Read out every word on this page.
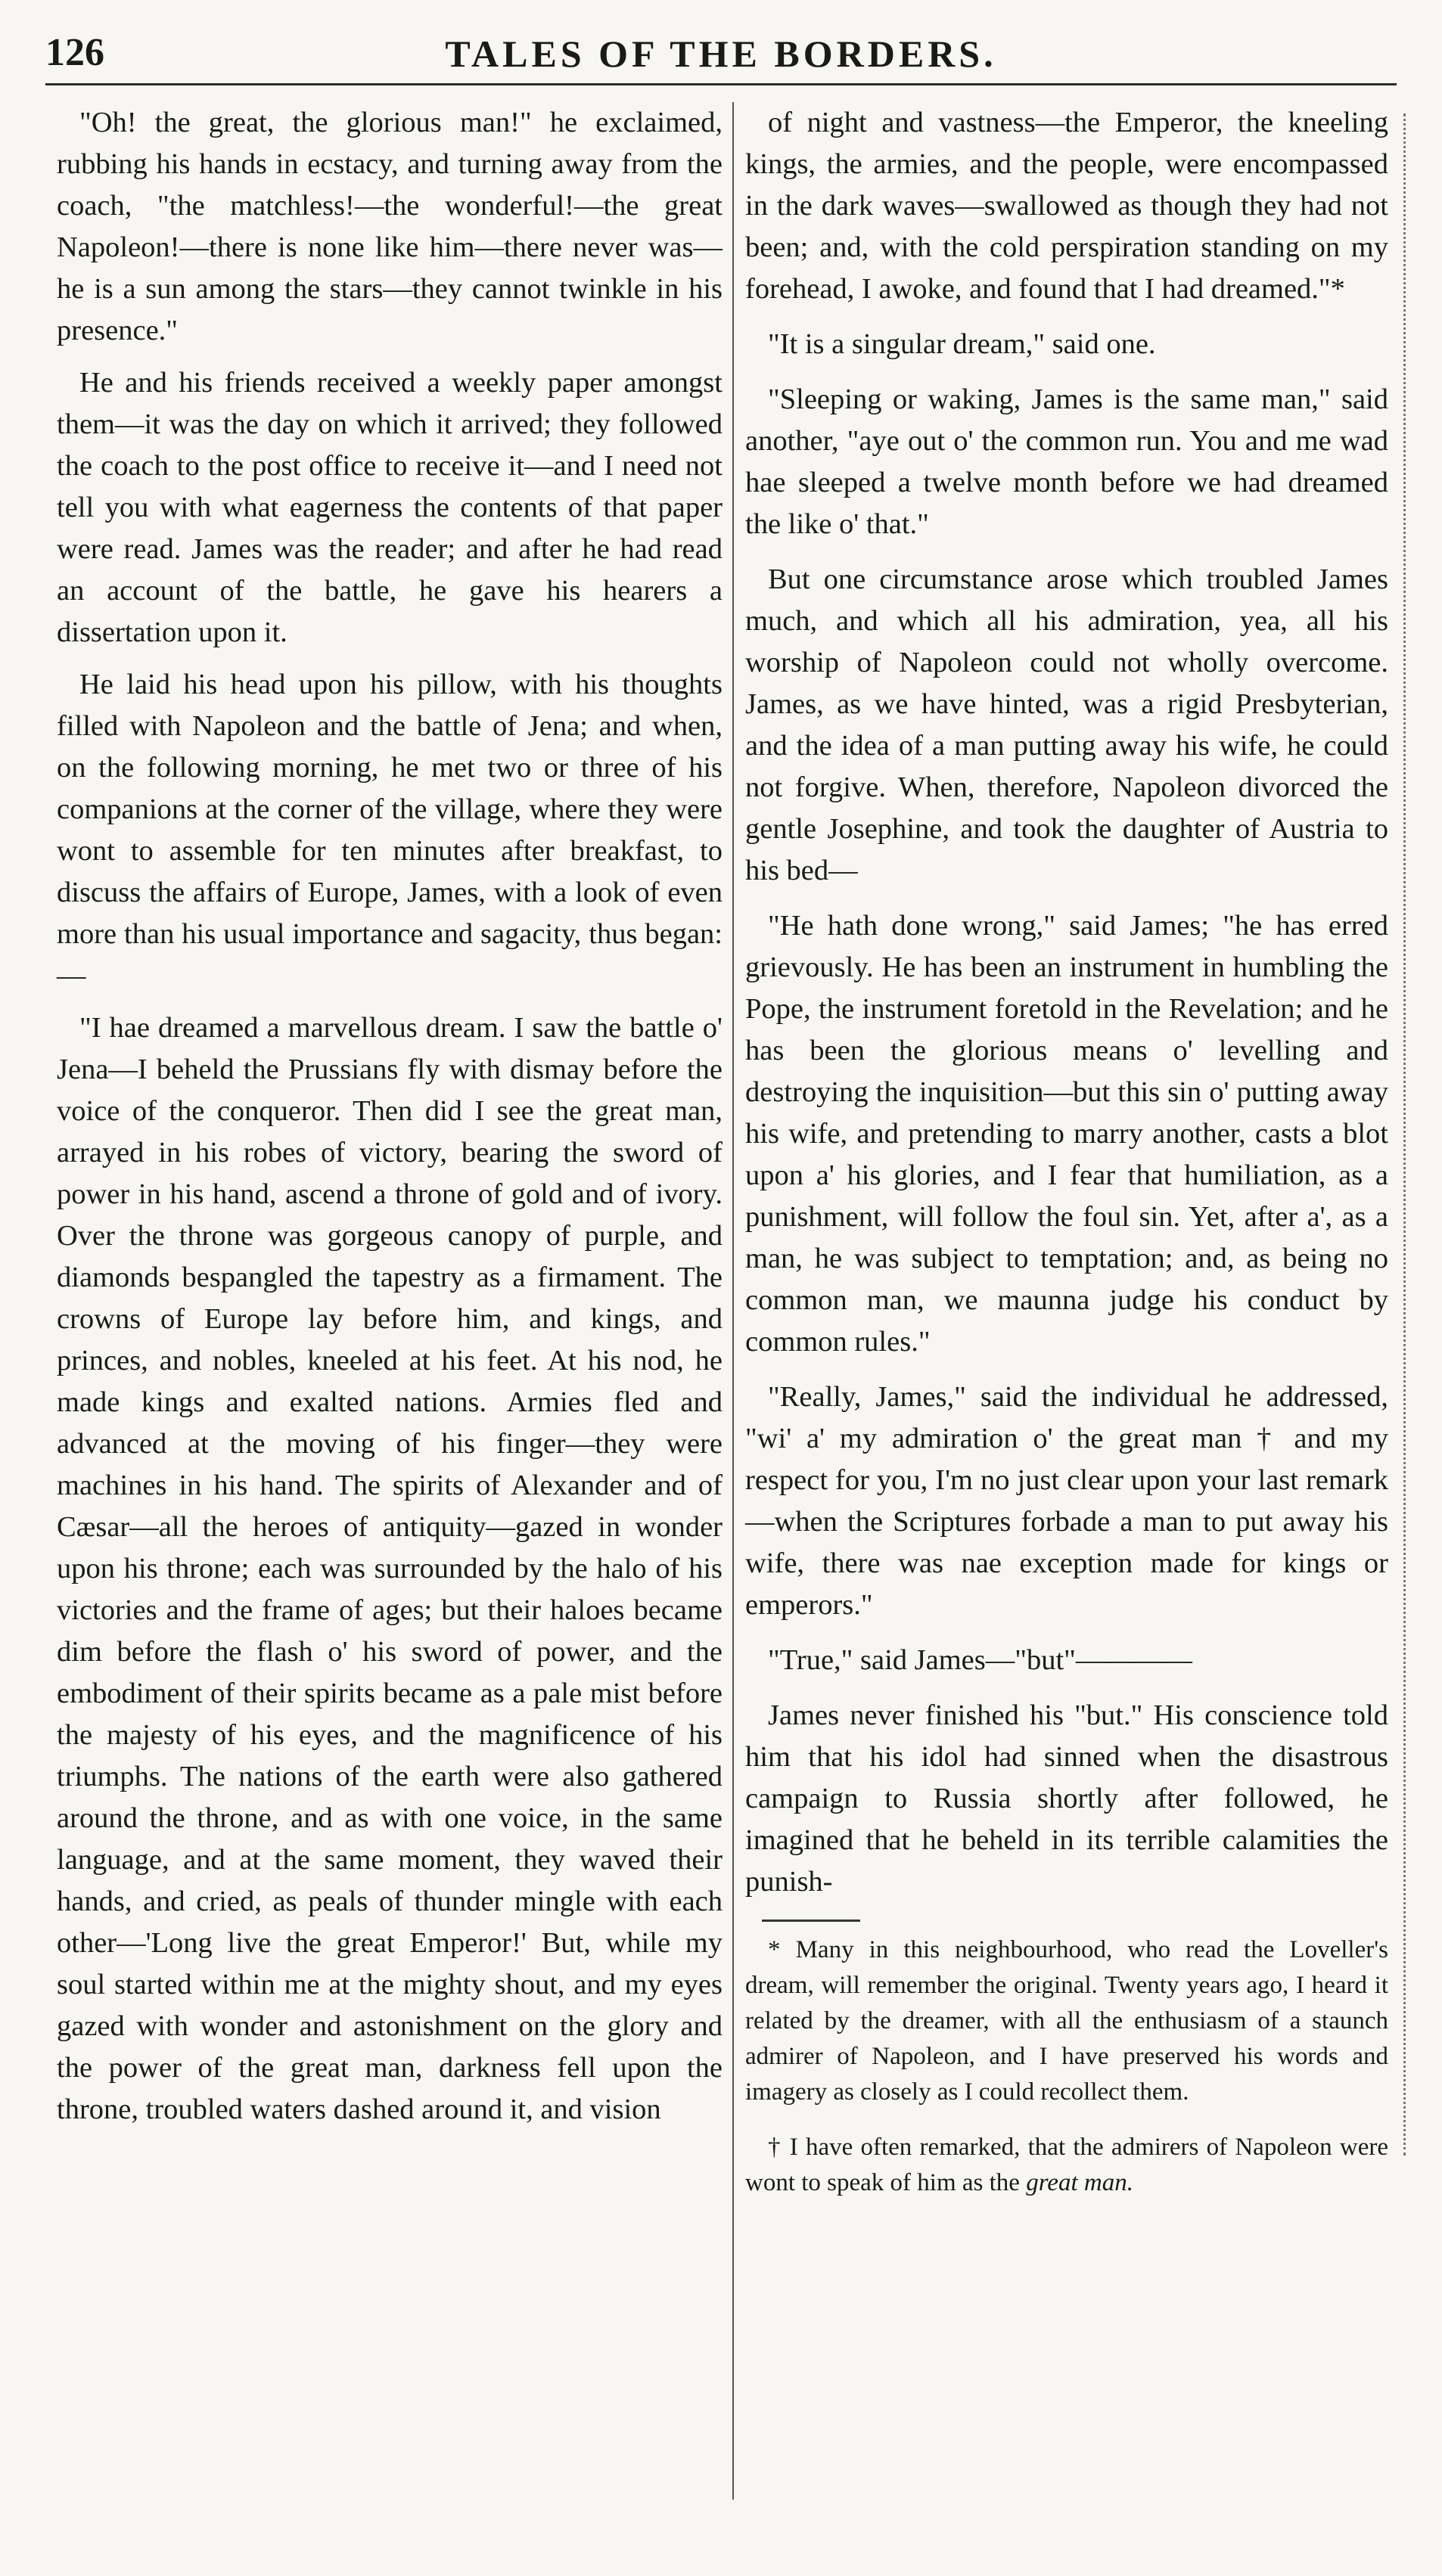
126	TALES OF THE BORDERS.

"Oh! the great, the glorious man!" he exclaimed, rubbing his hands in ecstacy, and turning away from the coach, "the matchless!—the wonderful!—the great Napoleon!—there is none like him—there never was—he is a sun among the stars—they cannot twinkle in his presence."

He and his friends received a weekly paper amongst them—it was the day on which it arrived; they followed the coach to the post office to receive it—and I need not tell you with what eagerness the contents of that paper were read. James was the reader; and after he had read an account of the battle, he gave his hearers a dissertation upon it.

He laid his head upon his pillow, with his thoughts filled with Napoleon and the battle of Jena; and when, on the following morning, he met two or three of his companions at the corner of the village, where they were wont to assemble for ten minutes after breakfast, to discuss the affairs of Europe, James, with a look of even more than his usual importance and sagacity, thus began:—

"I hae dreamed a marvellous dream. I saw the battle o' Jena—I beheld the Prussians fly with dismay before the voice of the conqueror. Then did I see the great man, arrayed in his robes of victory, bearing the sword of power in his hand, ascend a throne of gold and of ivory. Over the throne was gorgeous canopy of purple, and diamonds bespangled the tapestry as a firmament. The crowns of Europe lay before him, and kings, and princes, and nobles, kneeled at his feet. At his nod, he made kings and exalted nations. Armies fled and advanced at the moving of his finger—they were machines in his hand. The spirits of Alexander and of Cæsar—all the heroes of antiquity—gazed in wonder upon his throne; each was surrounded by the halo of his victories and the frame of ages; but their haloes became dim before the flash o' his sword of power, and the embodiment of their spirits became as a pale mist before the majesty of his eyes, and the magnificence of his triumphs. The nations of the earth were also gathered around the throne, and as with one voice, in the same language, and at the same moment, they waved their hands, and cried, as peals of thunder mingle with each other—'Long live the great Emperor!' But, while my soul started within me at the mighty shout, and my eyes gazed with wonder and astonishment on the glory and the power of the great man, darkness fell upon the throne, troubled waters dashed around it, and vision

of night and vastness—the Emperor, the kneeling kings, the armies, and the people, were encompassed in the dark waves—swallowed as though they had not been; and, with the cold perspiration standing on my forehead, I awoke, and found that I had dreamed."*

"It is a singular dream," said one.

"Sleeping or waking, James is the same man," said another, "aye out o' the common run. You and me wad hae sleeped a twelve month before we had dreamed the like o' that."

But one circumstance arose which troubled James much, and which all his admiration, yea, all his worship of Napoleon could not wholly overcome. James, as we have hinted, was a rigid Presbyterian, and the idea of a man putting away his wife, he could not forgive. When, therefore, Napoleon divorced the gentle Josephine, and took the daughter of Austria to his bed—

"He hath done wrong," said James; "he has erred grievously. He has been an instrument in humbling the Pope, the instrument foretold in the Revelation; and he has been the glorious means o' levelling and destroying the inquisition—but this sin o' putting away his wife, and pretending to marry another, casts a blot upon a' his glories, and I fear that humiliation, as a punishment, will follow the foul sin. Yet, after a', as a man, he was subject to temptation; and, as being no common man, we maunna judge his conduct by common rules."

"Really, James," said the individual he addressed, "wi' a' my admiration o' the great man † and my respect for you, I'm no just clear upon your last remark—when the Scriptures forbade a man to put away his wife, there was nae exception made for kings or emperors."

"True," said James—"but"————

James never finished his "but." His conscience told him that his idol had sinned when the disastrous campaign to Russia shortly after followed, he imagined that he beheld in its terrible calamities the punish-

* Many in this neighbourhood, who read the Loveller's dream, will remember the original. Twenty years ago, I heard it related by the dreamer, with all the enthusiasm of a staunch admirer of Napoleon, and I have preserved his words and imagery as closely as I could recollect them.

† I have often remarked, that the admirers of Napoleon were wont to speak of him as the great man.
